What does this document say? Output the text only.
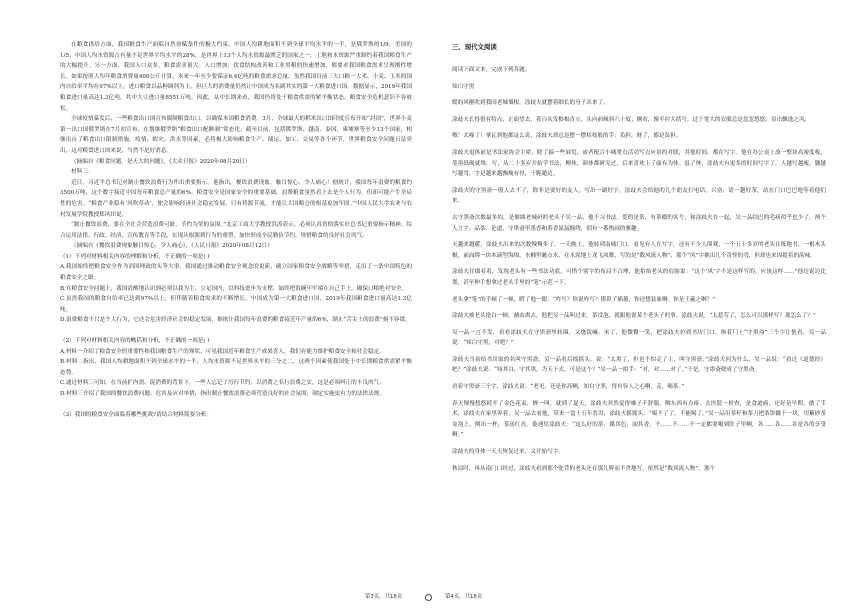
在粮食供给方面，我国粮食生产面临自然禀赋条件的极大约束。中国人均耕地面积不到全球平均水平的一半，是俄罗斯的1/9，美国的1/5；中国人均水资源占有量不足世界平均水平的28%，是世界上13个人均水资源最匮乏的国家之一。土地和水资源严重制约着我国粮食生产的大幅提升。另一方面，我国人口众多，粮食需求量大。人口增加，饮食结构改善和工业用粮的快速增加，都要求我国粮食需求呈现刚性增长。如果按照人均年粮食消费量400公斤计算，未来一年至少要保证6.4亿吨的粮食需求总量。虽然我国目前三大口粮一大米、小麦、玉米的国内自给率平均在97%以上，进口粮食以品种调剂为主。但巨大的消费量仍然让中国成为名副其实的第一大粮食进口国。数据显示，2019年我国粮食进口量高达1.3亿吨，其中大豆进口量8551万吨。因此，从中长期来看，我国仍将处于粮食供需的紧平衡状态，粮食安全危机意识不容放松。

全球疫情暴发后，一些粮食出口国宣布限制粮食出口，以确保本国粮食消费。3月，全球最大的稻米出口国印度宣布开始“封国”，世界小麦第一出口国俄罗斯在7月初宣布，在划维俄罗斯“粮食出口配额制”常态化。截至目前，包括俄罗斯、越南、泰国、柬埔寨等至少13个国家，相继出台了粮食出口限制措施。疫情、蝗灾、洪水等因素，必将极大影响粮食生产、储运、加工、交易等各个环节，世界粮食安全问题日益突出，这对粮食进口国来说，当然不是好消息。

（摘编自《粮食问题，是天大的问题》，《大众日报》2020年08月20日）

材料三：

近日，习近平总书记对制止餐饮浪费行为作出重要指示。他指出，餐饮浪费现象，触目惊心、令人痛心！据统计，我国每年浪费的粮食约3500万吨，这个数字接近中国每年粮食总产量的6%。粮食安全是国家安全的重要基础，浪费粮食虽然看上去是个人行为，但却可能产生全局性的危害。“粮食产业稳有‘风吹草动’，便会影响经济社会稳定发展，只有将源节流，才能让大国粮仓的根基更加牢固。”中国人民大学农业与农村发展学院教授郑风田说。

“制止餐饮浪费，要在全社会营造浪费可耻、节约为荣的氛围。”北京工商大学教授洪涛表示，必须认真贯彻落实好总书记重要指示精神，综合运用法律、行政、经济、宣传教育等手段，实现从根源到行为的重塑，加快形成全民勤俭节约、珍惜粮食的良好社会风气。

（摘编自《餐饮浪费现象触目惊心、令人痛心》，《人民日报》2020年08月12日）

（1）下列对材料相关内容的理解和分析，不正确的一项是( )

A.我国始终把粮食安全作为治国理政的头等大事，我国通过推动粮食安全观念的更新，确立国家粮食安全战略等举措，走出了一条中国特色的粮食安全之路。

B.在粮食安全问题上，我国清醒地认识到必须以我为主，立足国内，以科技进步为支撑，始终把饭碗牢牢端在自己手上，确保口粮绝对安全。

C.虽然我国的粮食自给率已达到97%以上，但伴随着粮食需求的不断增长，中国成为第一大粮食进口国，2019年我国粮食进口量高达1.3亿吨。

D.浪费粮食不只是个人行为，它还会危害经济社会的稳定发展，据统计我国每年浪费的粮食接近年产量的6%，制止“舌尖上的浪费”刻不容缓。

（2）下列对材料相关内容的概括和分析，不正确的一项是( )

A.材料一介绍了粮食安全的重要性和我国粮食生产的现状，可见我国近年粮食生产成果喜人，我们有能力维护粮食安全和社会稳定。

B.材料二指出，我国人均耕地面积不到全球水平的一半，人均水资源不足世界水平的三分之二，这两个因素使我国处于中长期粮食供需紧平衡态势。

C.通过材料三可知，在当前扩内需、促消费的背景下，一些人忘记了厉行节约，以消费之名行浪费之实，这是必须纠正的不良风气。

D.材料三介绍了我国的餐饮浪费问题、危害及应对举措，指出制止餐饮浪费必须营造良好的社会氛围，制定实施更有力的法律法规。

（3）我国的粮食安全面临着哪些挑战?请结合材料简要分析。

三、现代文阅读

阅读下面文本，完成下列各题。

知白守黑

暖的风刚吹到我国老城墙根，涂歧夫就摆着细长的身子出来了。

涂歧夫长得很有特点，正面望去，花白头发根根直立，头向前倾斜六十度；侧看，像半拉大括号，过于宽大的衣服总是忽忽悠悠，显出飘逸之风。

呶！太瘦了！拿瓦到他都这么说，涂歧夫却总是摆一摆枯枝般的手：负担，财了，都是负担。

涂歧夫退休前是书法家协会主席，除了搞一些展览，或者配合小城重点活动写点应景的对联，其他时间，都在写字。他在办公桌上放一整块高密度板，笔墨纸砚就堆，写，从二十多岁开始学书法，柳体、颜体都研究过，后来喜欢上了康有为体。退了休，涂歧夫有更多的时间写字了，人越写越瘦，腰越写越弯，字是越来越飘瘦有骨，干脆邋边。

涂歧夫的守黑斋一般人去不了，除非是要好的友人，写出一副好字，涂歧夫会给他的几个朋友打电话，兴奋，请一趟好茶，站在门口巴巴地等着他们来。

去守黑斋次数最多的，是姬圆老城码的老头子吴一品，他不习书法，爱的是茶，有茶瘾的名号，和涂歧夫在一起，吴一品结巴的毛病似乎也少了，两个人言字，品茶、论道，守黑斋里墨香和茶香氤氲缠绕，别有一番热闹的雅趣。

天越来越暖，涂歧夫出来的次数慢慢多了。一天晚上，他转到南城门口，看见有人在写字，还有不少人围观，一个五十多岁的老头在练地书，一根木头棍，前面绑一块木滴型海绵，水桶里蘸点水，在水泥地上龙飞凤舞，写的是“数风流人物”，那个“风”字挑出几个奇怪的弯，但却也来因提着的韵味。

涂歧夫仔细看着，发现老头有一些书法功底，可惜个别字的布局不合理，他拍拍老头的肩膀说：“这个‘风’字不是这样写的，应该这样……”他边说边比划，甚至伸手想拿过老头手里的“笔”示范一下。

老头拿“笔”的手顿了一顿，瞪了他一眼：“咋写？你说咋写？猪鼻子插葱，你还想装象啊。你是王羲之啊？”

涂歧夫被老头抢白一顿，涵由离去，他把吴一品叫过来，茶没泡，就跟他说某个老头子的事，涂歧夫说：“太惹劳了，怎么可以那样写？那怎么了？”

吴一品一言不发，看看涂歧夫在守黑斋里转圈，又烧饭嘛，末了，他微微一笑，把涂歧夫拉到书房门口，指着门上“守黑斋”三个字让他看，吴一品说：“知白守黑，对吧？”

涂歧夫当初给书房取的名叫守黑斋，吴一品看后摇摇头，说：“太黑了，但也不怕走了上，叫守黑斋。”涂歧夫问为什么，吴一品说：“看过《道德经》吧？”涂歧夫说：“知其白，守其黑，为天下式，可是这个？”吴一品一拍手：“对，对……对了。”于是，守墨斋便成了守黑斋。

看着守黑斋三个字，涂歧夫说：“老见，还是你高啊，知白守黑，得有容人之心啊，走，喝茶。”

春天慢慢悠悠耗开了金色花束，蝉一叫，就到了夏天，涂歧夫突然觉得嗓子不舒服，咽东西有点疼，去医院一检查，是食道癌，还好是早期，做了手术，涂歧夫在家里养着，吴一品去看他，带来一盒十五年普洱，涂歧夫摇摇头：“喝不了了，不能喝了。”吴一品用茶杆和茶刀把茶饼撬下一块，用紫砂茶壶泡上，倒出一杯，茶汤红亮。他递给涂歧夫：“这么好的茶，媒其色，闻其香，不……不……不一定都要喝到肚子里啊，各……各……各是各的享受啊。”

涂歧夫的身体一天天恢复过来，又开始写字。

秋凉时，再从南门口经过，涂歧夫看到那个驼背的老头还在那儿辉而不舍地写，依然是“数风流人物”，那个

第3页，共18页	第4页，共18页
